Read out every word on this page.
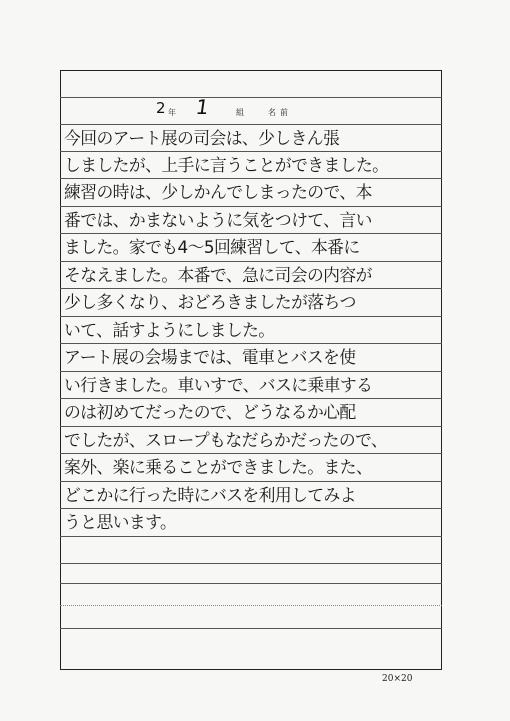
2 年 1	組	名前
今回のアート展の司会は、少しきん張
しましたが、上手に言うことができました。
練習の時は、少しかんでしまったので、本
番では、かまないように気をつけて、言い
ました。家でも4～5回練習して、本番に
そなえました。本番で、急に司会の内容が
少し多くなり、おどろきましたが落ちつ
いて、話すようにしました。
アート展の会場までは、電車とバスを使
い行きました。車いすで、バスに乗車する
のは初めてだったので、どうなるか心配
でしたが、スロープもなだらかだったので、
案外、楽に乗ることができました。また、
どこかに行った時にバスを利用してみよ
うと思います。
20×20
